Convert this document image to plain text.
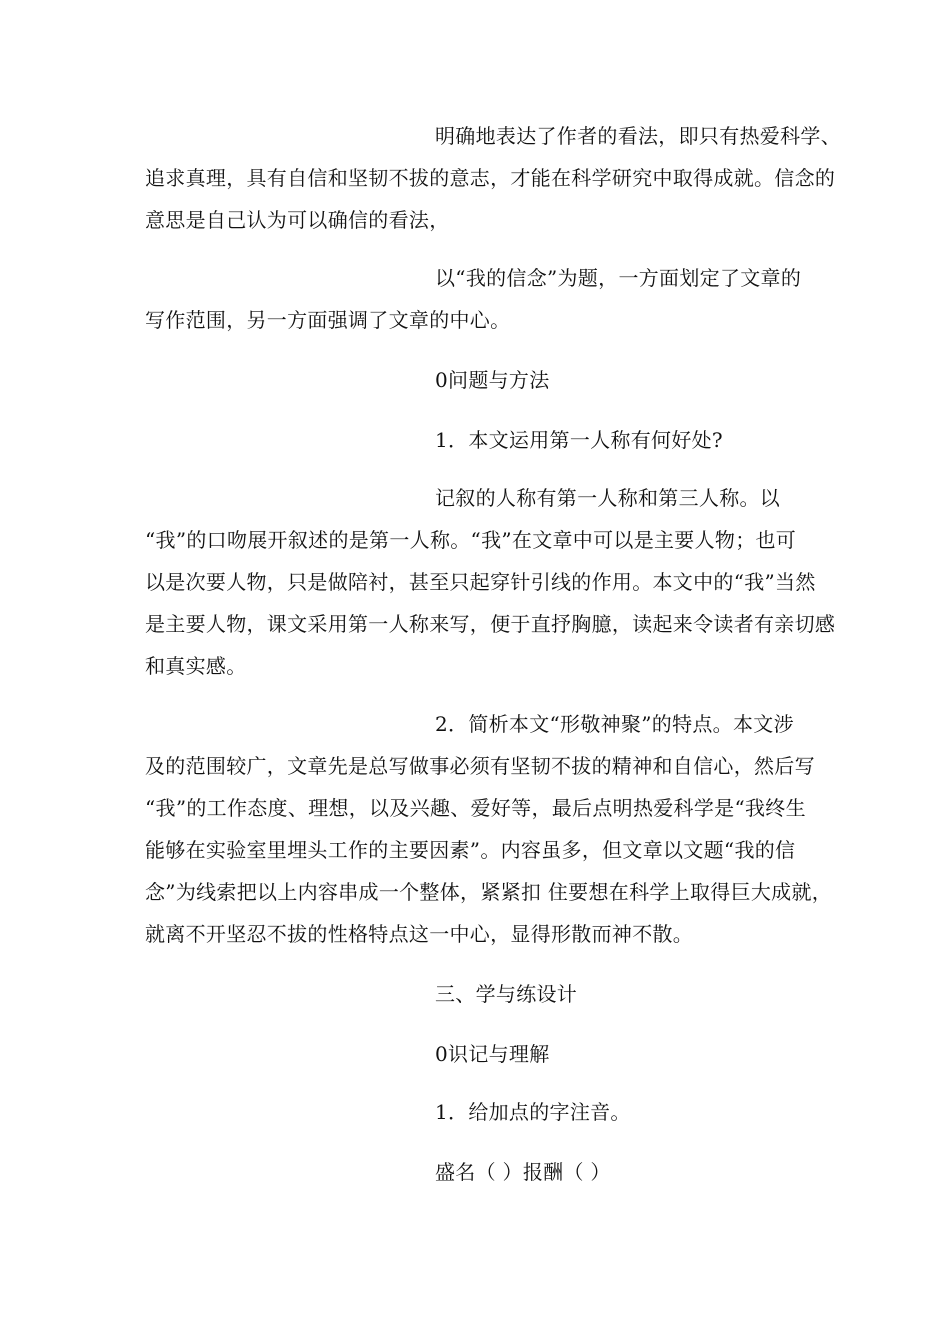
明确地表达了作者的看法，即只有热爱科学、
追求真理，具有自信和坚韧不拔的意志，才能在科学研究中取得成就。信念的
意思是自己认为可以确信的看法，
以“我的信念”为题，一方面划定了文章的
写作范围，另一方面强调了文章的中心。
0问题与方法
1．本文运用第一人称有何好处?
记叙的人称有第一人称和第三人称。以
“我”的口吻展开叙述的是第一人称。“我”在文章中可以是主要人物；也可
以是次要人物，只是做陪衬，甚至只起穿针引线的作用。本文中的“我”当然
是主要人物，课文采用第一人称来写，便于直抒胸臆，读起来令读者有亲切感
和真实感。
2．简析本文“形敬神聚”的特点。本文涉
及的范围较广，文章先是总写做事必须有坚韧不拔的精神和自信心，然后写
“我”的工作态度、理想，以及兴趣、爱好等，最后点明热爱科学是“我终生
能够在实验室里埋头工作的主要因素”。内容虽多，但文章以文题“我的信
念”为线索把以上内容串成一个整体，紧紧扣 住要想在科学上取得巨大成就，
就离不开坚忍不拔的性格特点这一中心，显得形散而神不散。
三、学与练设计
0识记与理解
1．给加点的字注音。
盛名（ ）报酬（ ）
